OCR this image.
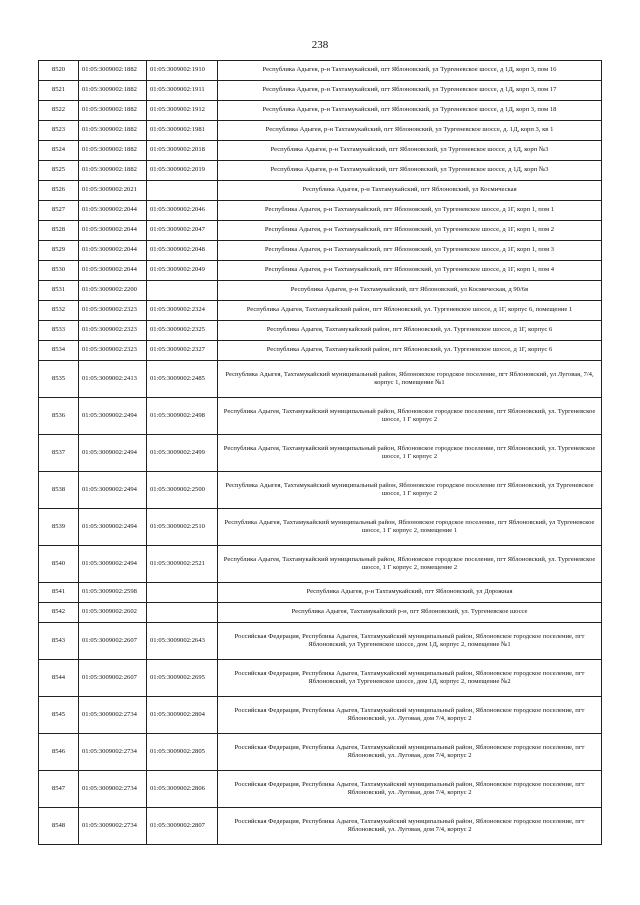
238
8520	01:05:3009002:1882	01:05:3009002:1910	Республика Адыгея, р-н Тахтамукайский, пгт Яблоновский, ул Тургеневское шоссе, д 1Д, корп 3, пом 16
8521	01:05:3009002:1882	01:05:3009002:1911	Республика Адыгея, р-н Тахтамукайский, пгт Яблоновский, ул Тургеневское шоссе, д 1Д, корп 3, пом 17
8522	01:05:3009002:1882	01:05:3009002:1912	Республика Адыгея, р-н Тахтамукайский, пгт Яблоновский, ул Тургеневское шоссе, д 1Д, корп 3, пом 18
8523	01:05:3009002:1882	01:05:3009002:1981	Республика Адыгея, р-н Тахтамукайский, пгт Яблоновский, ул Тургеневское шоссе, д. 1Д, корп 3, кв 1
8524	01:05:3009002:1882	01:05:3009002:2018	Республика Адыгея, р-н Тахтамукайский, пгт Яблоновский, ул Тургеневское шоссе, д 1Д, корп №3
8525	01:05:3009002:1882	01:05:3009002:2019	Республика Адыгея, р-н Тахтамукайский, пгт Яблоновский, ул Тургеневское шоссе, д 1Д, корп №3
8526	01:05:3009002:2021		Республика Адыгея, р-н Тахтамукайский, пгт Яблоновский, ул Космическая
8527	01:05:3009002:2044	01:05:3009002:2046	Республика Адыгея, р-н Тахтамукайский, пгт Яблоновский, ул Тургеневское шоссе, д 1Г, корп 1, пом 1
8528	01:05:3009002:2044	01:05:3009002:2047	Республика Адыгея, р-н Тахтамукайский, пгт Яблоновский, ул Тургеневское шоссе, д 1Г, корп 1, пом 2
8529	01:05:3009002:2044	01:05:3009002:2048	Республика Адыгея, р-н Тахтамукайский, пгт Яблоновский, ул Тургеневское шоссе, д 1Г, корп 1, пом 3
8530	01:05:3009002:2044	01:05:3009002:2049	Республика Адыгея, р-н Тахтамукайский, пгт Яблоновский, ул Тургеневское шоссе, д 1Г, корп 1, пом 4
8531	01:05:3009002:2200		Республика Адыгея, р-н Тахтамукайский, пгт Яблоновский, ул Космическая, д 90/6в
8532	01:05:3009002:2323	01:05:3009002:2324	Республика Адыгея, Тахтамукайский район, пгт Яблоновский, ул. Тургеневское шоссе, д 1Г, корпус 6, помещение 1
8533	01:05:3009002:2323	01:05:3009002:2325	Республика Адыгея, Тахтамукайский район, пгт Яблоновский, ул. Тургеневское шоссе, д 1Г, корпус 6
8534	01:05:3009002:2323	01:05:3009002:2327	Республика Адыгея, Тахтамукайский район, пгт Яблоновский, ул. Тургеневское шоссе, д 1Г, корпус 6
8535	01:05:3009002:2413	01:05:3009002:2485	Республика Адыгея, Тахтамукайский муниципальный район, Яблоновское городское поселение, пгт Яблоновский, ул Луговая, 7/4, корпус 1, помещение №1
8536	01:05:3009002:2494	01:05:3009002:2498	Республика Адыгея, Тахтамукайский муниципальный район, Яблоновское городское поселение, пгт Яблоновский, ул. Тургеневское шоссе, 1 Г корпус 2
8537	01:05:3009002:2494	01:05:3009002:2499	Республика Адыгея, Тахтамукайский муниципальный район, Яблоновское городское поселение, пгт Яблоновский, ул. Тургеневское шоссе, 1 Г корпус 2
8538	01:05:3009002:2494	01:05:3009002:2500	Республика Адыгея, Тахтамукайский муниципальный район, Яблоновское городское поселение пгт Яблоновский, ул Тургеневское шоссе, 1 Г корпус 2
8539	01:05:3009002:2494	01:05:3009002:2510	Республика Адыгея, Тахтамукайский муниципальный район, Яблоновское городское поселение, пгт Яблоновский, ул Тургеневское шоссе, 1 Г корпус 2, помещение 1
8540	01:05:3009002:2494	01:05:3009002:2521	Республика Адыгея, Тахтамукайский муниципальный район, Яблоновское городское поселение, пгт Яблоновский, ул. Тургеневское шоссе, 1 Г корпус 2, помещение 2
8541	01:05:3009002:2598		Республика Адыгея, р-н Тахтамукайский, пгт Яблоновский, ул Дорожная
8542	01:05:3009002:2602		Республика Адыгея, Тахтамукайский р-н, пгт Яблоновский, ул. Тургеневское шоссе
8543	01:05:3009002:2607	01:05:3009002:2643	Российская Федерация, Республика Адыгея, Тахтамукайский муниципальный район, Яблоновское городское поселение, пгт Яблоновский, ул Тургеневское шоссе, дом 1Д, корпус 2, помещение №1
8544	01:05:3009002:2607	01:05:3009002:2695	Российская Федерация, Республика Адыгея, Тахтамукайский муниципальный район, Яблоновское городское поселение, пгт Яблоновский, ул Тургеневское шоссе, дом 1Д, корпус 2, помещение №2
8545	01:05:3009002:2734	01:05:3009002:2804	Российская Федерация, Республика Адыгея, Тахтамукайский муниципальный район, Яблоновское городское поселение, пгт Яблоновский, ул. Луговая, дом 7/4, корпус 2
8546	01:05:3009002:2734	01:05:3009002:2805	Российская Федерация, Республика Адыгея, Тахтамукайский муниципальный район, Яблоновское городское поселение, пгт Яблоновский, ул. Луговая, дом 7/4, корпус 2
8547	01:05:3009002:2734	01:05:3009002:2806	Российская Федерация, Республика Адыгея, Тахтамукайский муниципальный район, Яблоновское городское поселение, пгт Яблоновский, ул. Луговая, дом 7/4, корпус 2
8548	01:05:3009002:2734	01:05:3009002:2807	Российская Федерация, Республика Адыгея, Тахтамукайский муниципальный район, Яблоновское городское поселение, пгт Яблоновский, ул. Луговая, дом 7/4, корпус 2
